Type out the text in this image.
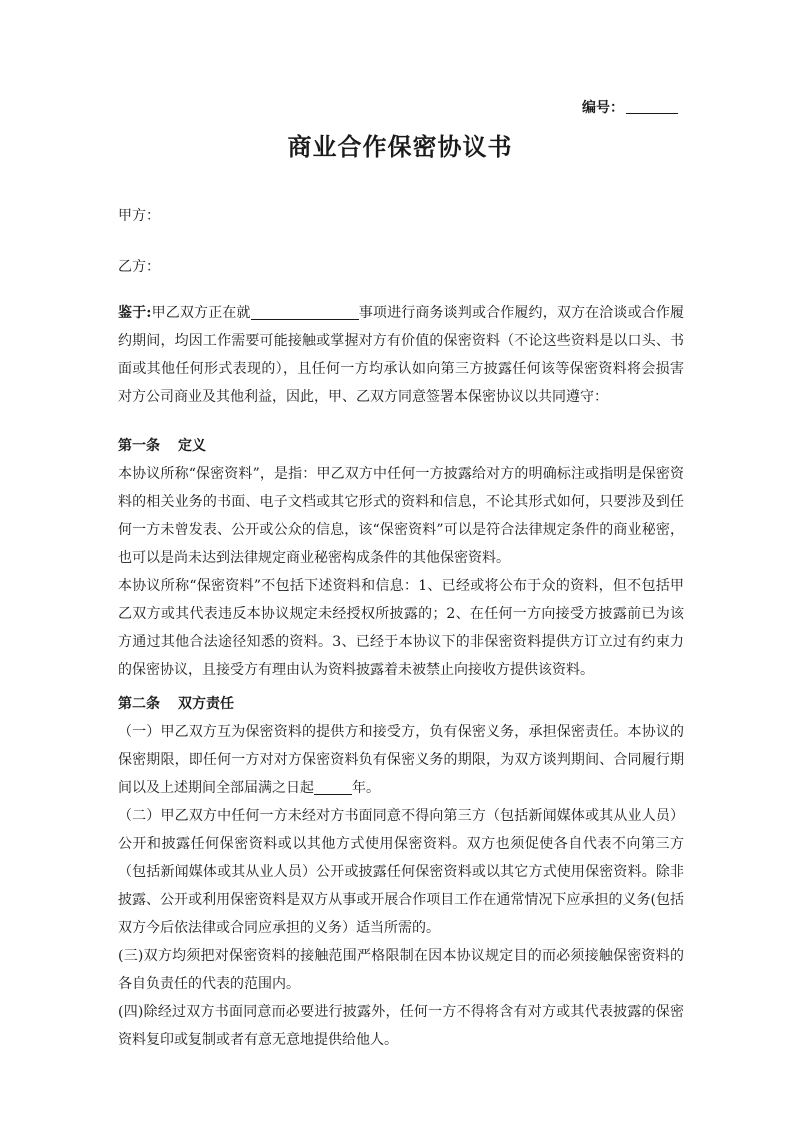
编号：
商业合作保密协议书
甲方：
乙方：

鉴于:甲乙双方正在就	事项进行商务谈判或合作履约，双方在洽谈或合作履约期间，均因工作需要可能接触或掌握对方有价值的保密资料（不论这些资料是以口头、书面或其他任何形式表现的），且任何一方均承认如向第三方披露任何该等保密资料将会损害对方公司商业及其他利益，因此，甲、乙双方同意签署本保密协议以共同遵守：

第一条 定义

本协议所称“保密资料”，是指：甲乙双方中任何一方披露给对方的明确标注或指明是保密资料的相关业务的书面、电子文档或其它形式的资料和信息，不论其形式如何，只要涉及到任何一方未曾发表、公开或公众的信息，该“保密资料”可以是符合法律规定条件的商业秘密，也可以是尚未达到法律规定商业秘密构成条件的其他保密资料。

本协议所称“保密资料”不包括下述资料和信息：1、已经或将公布于众的资料，但不包括甲乙双方或其代表违反本协议规定未经授权所披露的；2、在任何一方向接受方披露前已为该方通过其他合法途径知悉的资料。3、已经于本协议下的非保密资料提供方订立过有约束力的保密协议，且接受方有理由认为资料披露着未被禁止向接收方提供该资料。

第二条 双方责任

（一）甲乙双方互为保密资料的提供方和接受方，负有保密义务，承担保密责任。本协议的保密期限，即任何一方对对方保密资料负有保密义务的期限，为双方谈判期间、合同履行期间以及上述期间全部届满之日起	年。

（二）甲乙双方中任何一方未经对方书面同意不得向第三方（包括新闻媒体或其从业人员）公开和披露任何保密资料或以其他方式使用保密资料。双方也须促使各自代表不向第三方（包括新闻媒体或其从业人员）公开或披露任何保密资料或以其它方式使用保密资料。除非披露、公开或利用保密资料是双方从事或开展合作项目工作在通常情况下应承担的义务(包括双方今后依法律或合同应承担的义务）适当所需的。

(三)双方均须把对保密资料的接触范围严格限制在因本协议规定目的而必须接触保密资料的各自负责任的代表的范围内。

(四)除经过双方书面同意而必要进行披露外，任何一方不得将含有对方或其代表披露的保密资料复印或复制或者有意无意地提供给他人。
